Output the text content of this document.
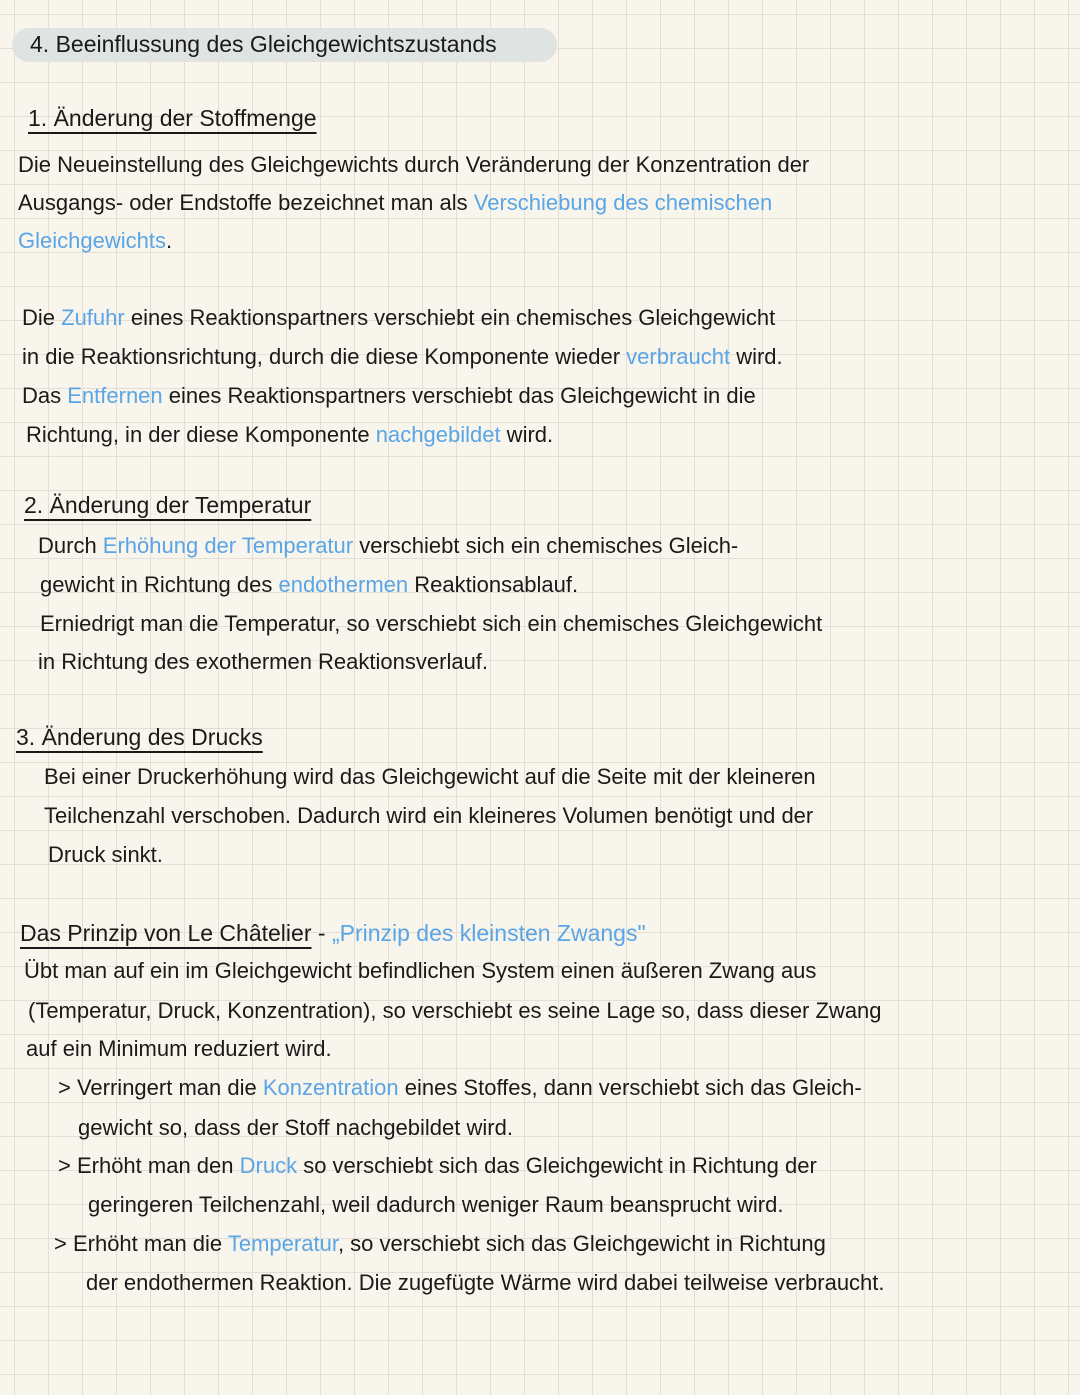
4. Beeinflussung des Gleichgewichtszustands
1. Änderung der Stoffmenge
Die Neueinstellung des Gleichgewichts durch Veränderung der Konzentration der
Ausgangs- oder Endstoffe bezeichnet man als Verschiebung des chemischen
Gleichgewichts.
Die Zufuhr eines Reaktionspartners verschiebt ein chemisches Gleichgewicht
in die Reaktionsrichtung, durch die diese Komponente wieder verbraucht wird.
Das Entfernen eines Reaktionspartners verschiebt das Gleichgewicht in die
Richtung, in der diese Komponente nachgebildet wird.
2. Änderung der Temperatur
Durch Erhöhung der Temperatur verschiebt sich ein chemisches Gleich-
gewicht in Richtung des endothermen Reaktionsablauf.
Erniedrigt man die Temperatur, so verschiebt sich ein chemisches Gleichgewicht
in Richtung des exothermen Reaktionsverlauf.
3. Änderung des Drucks
Bei einer Druckerhöhung wird das Gleichgewicht auf die Seite mit der kleineren
Teilchenzahl verschoben. Dadurch wird ein kleineres Volumen benötigt und der
Druck sinkt.
Das Prinzip von Le Châtelier - „Prinzip des kleinsten Zwangs"
Übt man auf ein im Gleichgewicht befindlichen System einen äußeren Zwang aus
(Temperatur, Druck, Konzentration), so verschiebt es seine Lage so, dass dieser Zwang
auf ein Minimum reduziert wird.
> Verringert man die Konzentration eines Stoffes, dann verschiebt sich das Gleich-
gewicht so, dass der Stoff nachgebildet wird.
> Erhöht man den Druck so verschiebt sich das Gleichgewicht in Richtung der
geringeren Teilchenzahl, weil dadurch weniger Raum beansprucht wird.
> Erhöht man die Temperatur, so verschiebt sich das Gleichgewicht in Richtung
der endothermen Reaktion. Die zugefügte Wärme wird dabei teilweise verbraucht.
